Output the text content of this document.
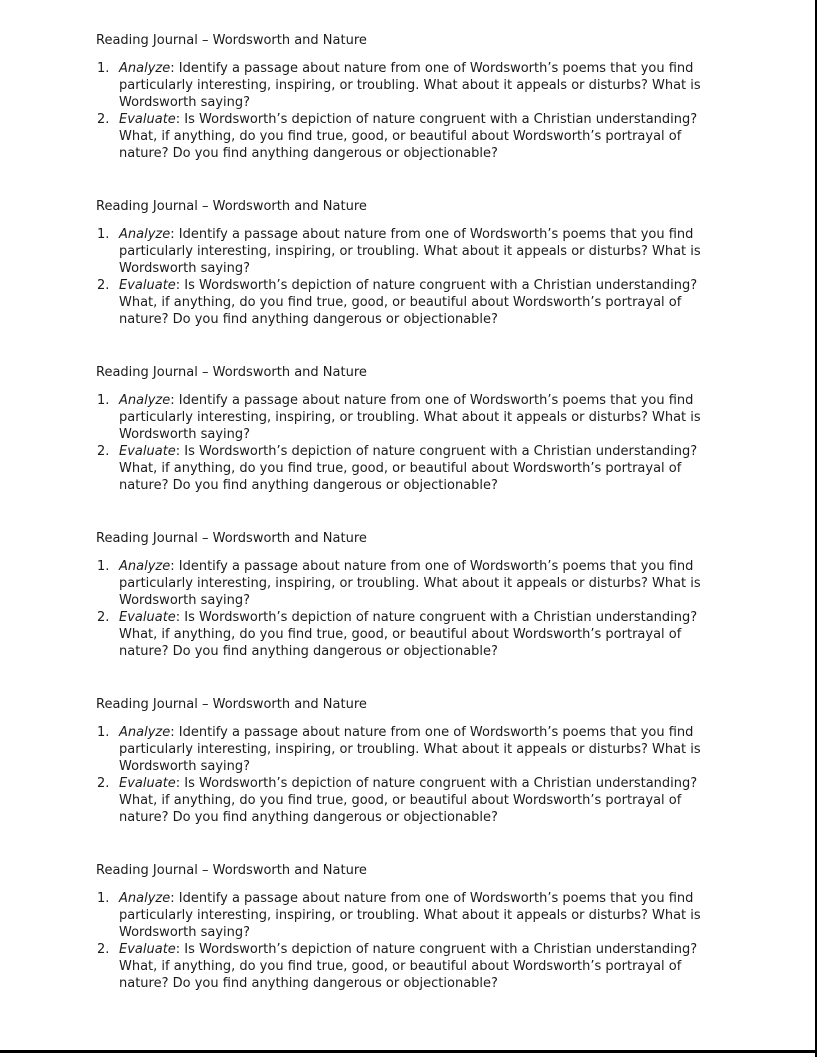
Reading Journal – Wordsworth and Nature
1. Analyze: Identify a passage about nature from one of Wordsworth’s poems that you find particularly interesting, inspiring, or troubling. What about it appeals or disturbs? What is Wordsworth saying?
2. Evaluate: Is Wordsworth’s depiction of nature congruent with a Christian understanding? What, if anything, do you find true, good, or beautiful about Wordsworth’s portrayal of nature? Do you find anything dangerous or objectionable?
Reading Journal – Wordsworth and Nature
1. Analyze: Identify a passage about nature from one of Wordsworth’s poems that you find particularly interesting, inspiring, or troubling. What about it appeals or disturbs? What is Wordsworth saying?
2. Evaluate: Is Wordsworth’s depiction of nature congruent with a Christian understanding? What, if anything, do you find true, good, or beautiful about Wordsworth’s portrayal of nature? Do you find anything dangerous or objectionable?
Reading Journal – Wordsworth and Nature
1. Analyze: Identify a passage about nature from one of Wordsworth’s poems that you find particularly interesting, inspiring, or troubling. What about it appeals or disturbs? What is Wordsworth saying?
2. Evaluate: Is Wordsworth’s depiction of nature congruent with a Christian understanding? What, if anything, do you find true, good, or beautiful about Wordsworth’s portrayal of nature? Do you find anything dangerous or objectionable?
Reading Journal – Wordsworth and Nature
1. Analyze: Identify a passage about nature from one of Wordsworth’s poems that you find particularly interesting, inspiring, or troubling. What about it appeals or disturbs? What is Wordsworth saying?
2. Evaluate: Is Wordsworth’s depiction of nature congruent with a Christian understanding? What, if anything, do you find true, good, or beautiful about Wordsworth’s portrayal of nature? Do you find anything dangerous or objectionable?
Reading Journal – Wordsworth and Nature
1. Analyze: Identify a passage about nature from one of Wordsworth’s poems that you find particularly interesting, inspiring, or troubling. What about it appeals or disturbs? What is Wordsworth saying?
2. Evaluate: Is Wordsworth’s depiction of nature congruent with a Christian understanding? What, if anything, do you find true, good, or beautiful about Wordsworth’s portrayal of nature? Do you find anything dangerous or objectionable?
Reading Journal – Wordsworth and Nature
1. Analyze: Identify a passage about nature from one of Wordsworth’s poems that you find particularly interesting, inspiring, or troubling. What about it appeals or disturbs? What is Wordsworth saying?
2. Evaluate: Is Wordsworth’s depiction of nature congruent with a Christian understanding? What, if anything, do you find true, good, or beautiful about Wordsworth’s portrayal of nature? Do you find anything dangerous or objectionable?
